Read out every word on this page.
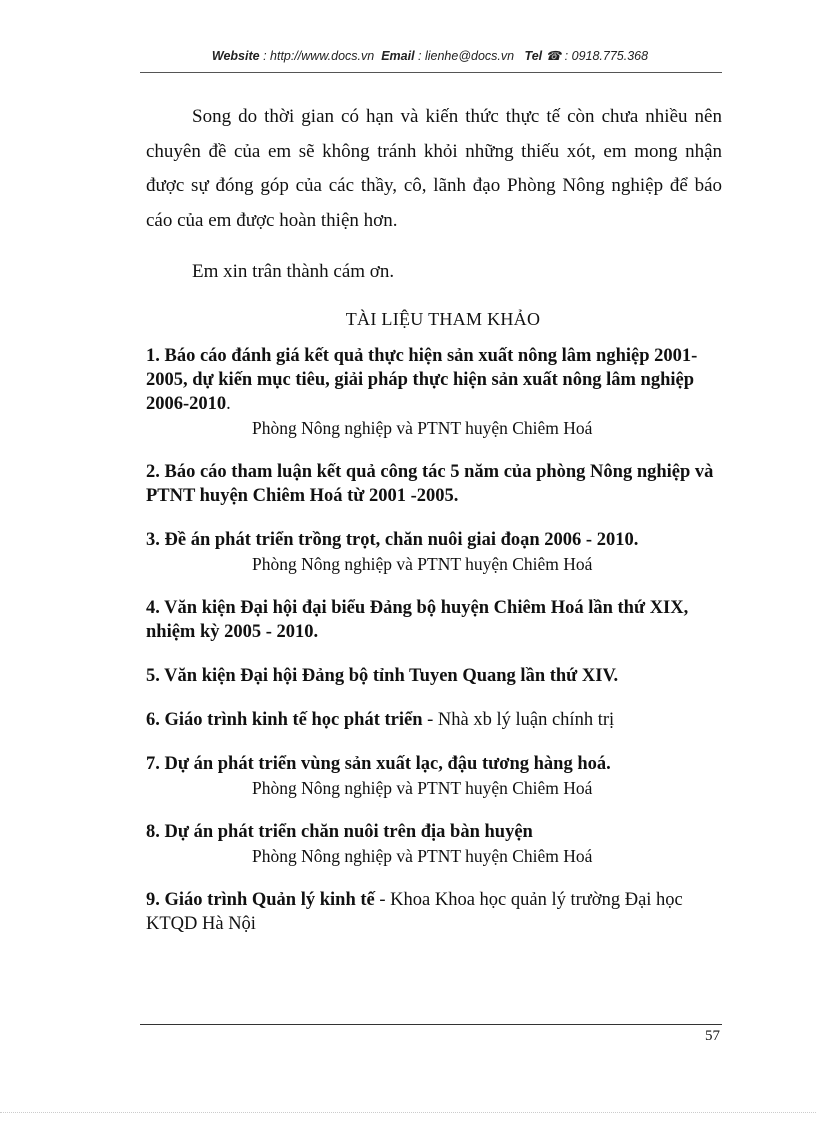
Website : http://www.docs.vn Email : lienhe@docs.vn Tel ☎ : 0918.775.368

Song do thời gian có hạn và kiến thức thực tế còn chưa nhiều nên chuyên đề của em sẽ không tránh khỏi những thiếu xót, em mong nhận được sự đóng góp của các thầy, cô, lãnh đạo Phòng Nông nghiệp để báo cáo của em được hoàn thiện hơn.

Em xin trân thành cám ơn.

TÀI LIỆU THAM KHẢO

1. Báo cáo đánh giá kết quả thực hiện sản xuất nông lâm nghiệp 2001-2005, dự kiến mục tiêu, giải pháp thực hiện sản xuất nông lâm nghiệp 2006-2010.
Phòng Nông nghiệp và PTNT huyện Chiêm Hoá

2. Báo cáo tham luận kết quả công tác 5 năm của phòng Nông nghiệp và PTNT huyện Chiêm Hoá từ 2001 -2005.

3. Đề án phát triển trồng trọt, chăn nuôi giai đoạn 2006 - 2010.
Phòng Nông nghiệp và PTNT huyện Chiêm Hoá

4. Văn kiện Đại hội đại biểu Đảng bộ huyện Chiêm Hoá lần thứ XIX, nhiệm kỳ 2005 - 2010.

5. Văn kiện Đại hội Đảng bộ tỉnh Tuyen Quang lần thứ XIV.

6. Giáo trình kinh tế học phát triển - Nhà xb lý luận chính trị

7. Dự án phát triển vùng sản xuất lạc, đậu tương hàng hoá.
Phòng Nông nghiệp và PTNT huyện Chiêm Hoá

8. Dự án phát triển chăn nuôi trên địa bàn huyện
Phòng Nông nghiệp và PTNT huyện Chiêm Hoá

9. Giáo trình Quản lý kinh tế - Khoa Khoa học quản lý trường Đại học KTQD Hà Nội

57
